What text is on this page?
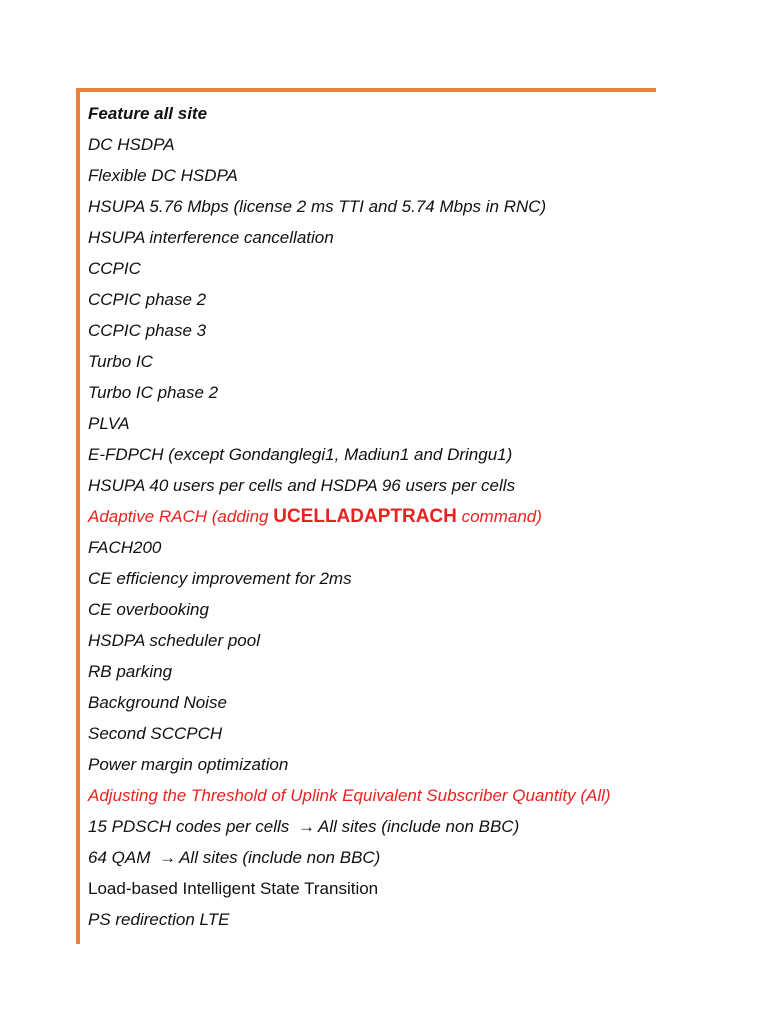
Feature all site
DC HSDPA
Flexible DC HSDPA
HSUPA 5.76 Mbps (license 2 ms TTI and 5.74 Mbps in RNC)
HSUPA interference cancellation
CCPIC
CCPIC phase 2
CCPIC phase 3
Turbo IC
Turbo IC phase 2
PLVA
E-FDPCH (except Gondanglegi1, Madiun1 and Dringu1)
HSUPA 40 users per cells and HSDPA 96 users per cells
Adaptive RACH (adding UCELLADAPTRACH command)
FACH200
CE efficiency improvement for 2ms
CE overbooking
HSDPA scheduler pool
RB parking
Background Noise
Second SCCPCH
Power margin optimization
Adjusting the Threshold of Uplink Equivalent Subscriber Quantity (All)
15 PDSCH codes per cells → All sites (include non BBC)
64 QAM → All sites (include non BBC)
Load-based Intelligent State Transition
PS redirection LTE
